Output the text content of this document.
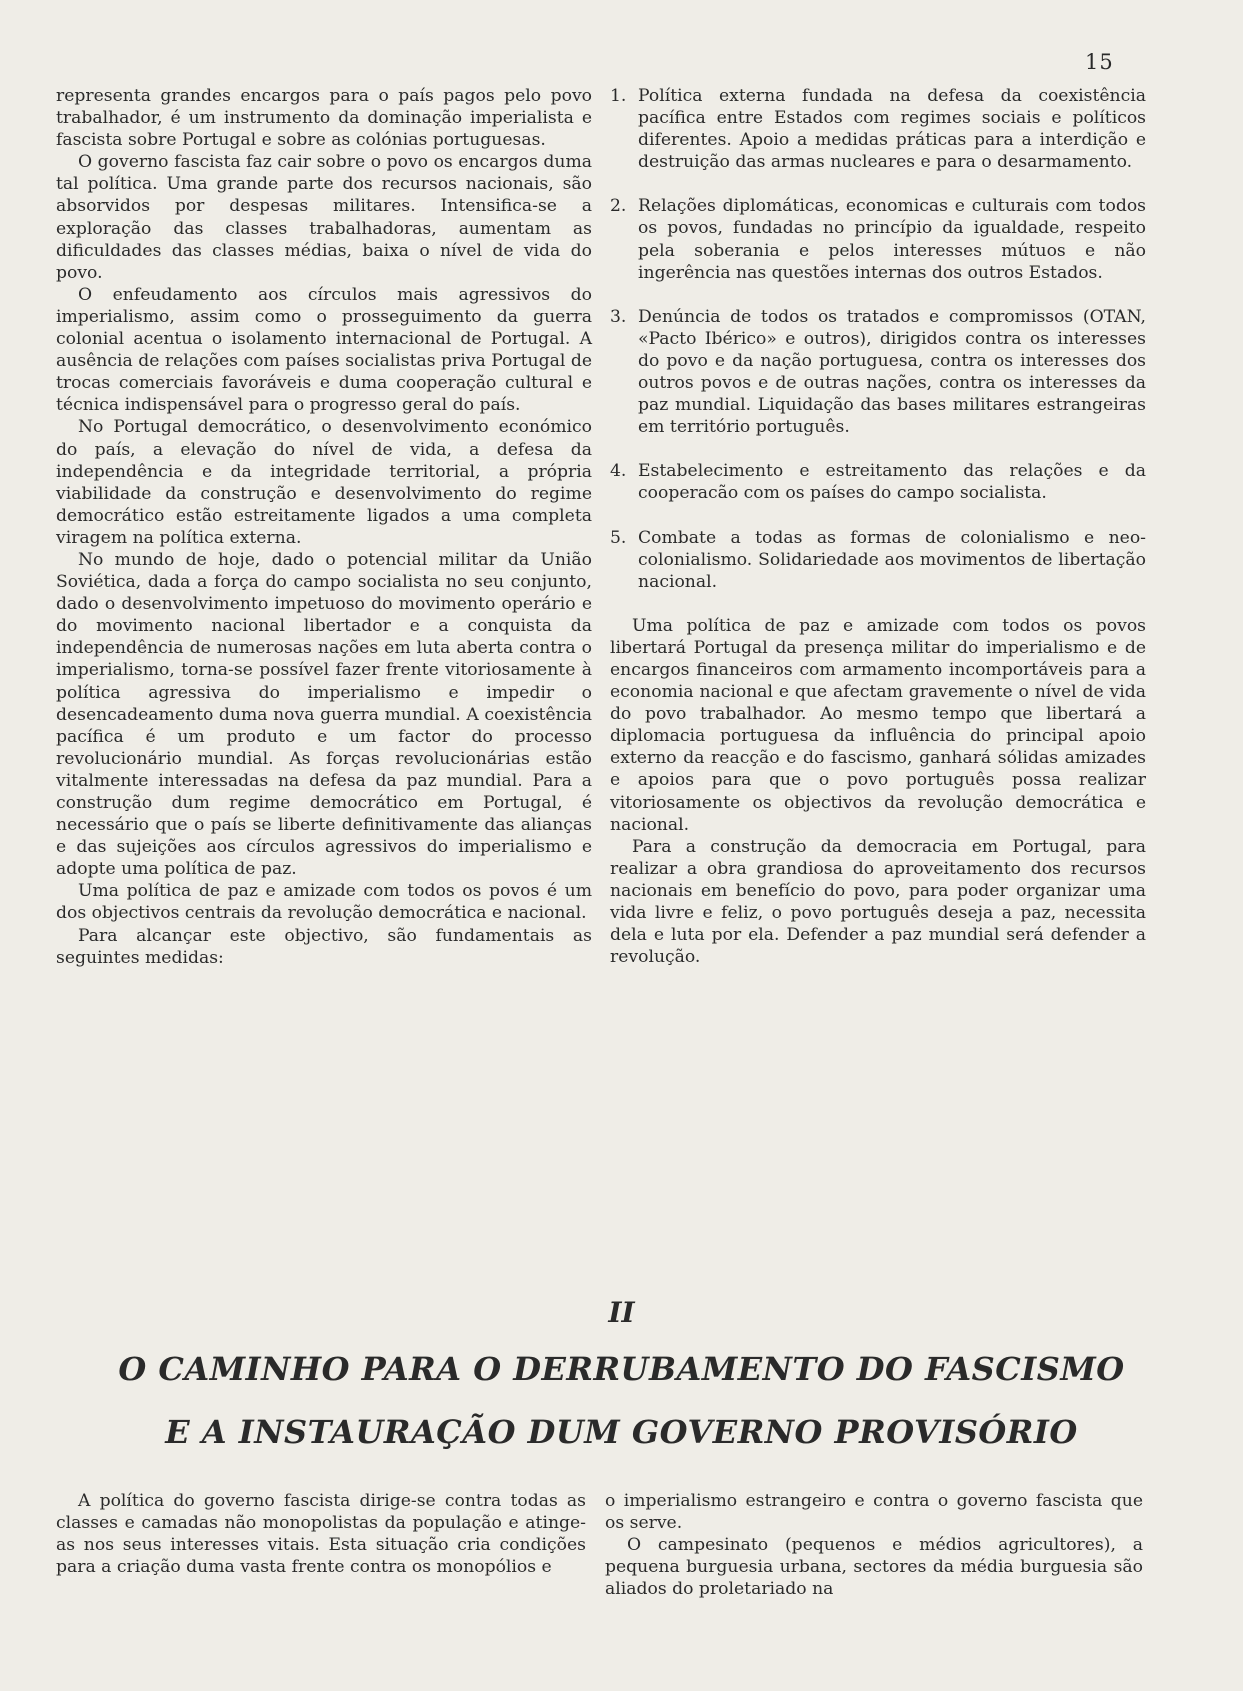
15

representa grandes encargos para o país pagos pelo povo trabalhador, é um instrumento da dominação imperialista e fascista sobre Portugal e sobre as colónias portuguesas.

O governo fascista faz cair sobre o povo os encargos duma tal política. Uma grande parte dos recursos nacionais, são absorvidos por despesas militares. Intensifica-se a exploração das classes trabalhadoras, aumentam as dificuldades das classes médias, baixa o nível de vida do povo.

O enfeudamento aos círculos mais agressivos do imperialismo, assim como o prosseguimento da guerra colonial acentua o isolamento internacional de Portugal. A ausência de relações com países socialistas priva Portugal de trocas comerciais favoráveis e duma cooperação cultural e técnica indispensável para o progresso geral do país.

No Portugal democrático, o desenvolvimento económico do país, a elevação do nível de vida, a defesa da independência e da integridade territorial, a própria viabilidade da construção e desenvolvimento do regime democrático estão estreitamente ligados a uma completa viragem na política externa.

No mundo de hoje, dado o potencial militar da União Soviética, dada a força do campo socialista no seu conjunto, dado o desenvolvimento impetuoso do movimento operário e do movimento nacional libertador e a conquista da independência de numerosas nações em luta aberta contra o imperialismo, torna-se possível fazer frente vitoriosamente à política agressiva do imperialismo e impedir o desencadeamento duma nova guerra mundial. A coexistência pacífica é um produto e um factor do processo revolucionário mundial. As forças revolucionárias estão vitalmente interessadas na defesa da paz mundial. Para a construção dum regime democrático em Portugal, é necessário que o país se liberte definitivamente das alianças e das sujeições aos círculos agressivos do imperialismo e adopte uma política de paz.

Uma política de paz e amizade com todos os povos é um dos objectivos centrais da revolução democrática e nacional.

Para alcançar este objectivo, são fundamentais as seguintes medidas:

1. Política externa fundada na defesa da coexistência pacífica entre Estados com regimes sociais e políticos diferentes. Apoio a medidas práticas para a interdição e destruição das armas nucleares e para o desarmamento.
2. Relações diplomáticas, economicas e culturais com todos os povos, fundadas no princípio da igualdade, respeito pela soberania e pelos interesses mútuos e não ingerência nas questões internas dos outros Estados.
3. Denúncia de todos os tratados e compromissos (OTAN, «Pacto Ibérico» e outros), dirigidos contra os interesses do povo e da nação portuguesa, contra os interesses dos outros povos e de outras nações, contra os interesses da paz mundial. Liquidação das bases militares estrangeiras em território português.
4. Estabelecimento e estreitamento das relações e da cooperacão com os países do campo socialista.
5. Combate a todas as formas de colonialismo e neo-colonialismo. Solidariedade aos movimentos de libertação nacional.

Uma política de paz e amizade com todos os povos libertará Portugal da presença militar do imperialismo e de encargos financeiros com armamento incomportáveis para a economia nacional e que afectam gravemente o nível de vida do povo trabalhador. Ao mesmo tempo que libertará a diplomacia portuguesa da influência do principal apoio externo da reacção e do fascismo, ganhará sólidas amizades e apoios para que o povo português possa realizar vitoriosamente os objectivos da revolução democrática e nacional.

Para a construção da democracia em Portugal, para realizar a obra grandiosa do aproveitamento dos recursos nacionais em benefício do povo, para poder organizar uma vida livre e feliz, o povo português deseja a paz, necessita dela e luta por ela. Defender a paz mundial será defender a revolução.

II
O CAMINHO PARA O DERRUBAMENTO DO FASCISMO
E A INSTAURAÇÃO DUM GOVERNO PROVISÓRIO

A política do governo fascista dirige-se contra todas as classes e camadas não monopolistas da população e atinge-as nos seus interesses vitais. Esta situação cria condições para a criação duma vasta frente contra os monopólios e

o imperialismo estrangeiro e contra o governo fascista que os serve.

O campesinato (pequenos e médios agricultores), a pequena burguesia urbana, sectores da média burguesia são aliados do proletariado na
